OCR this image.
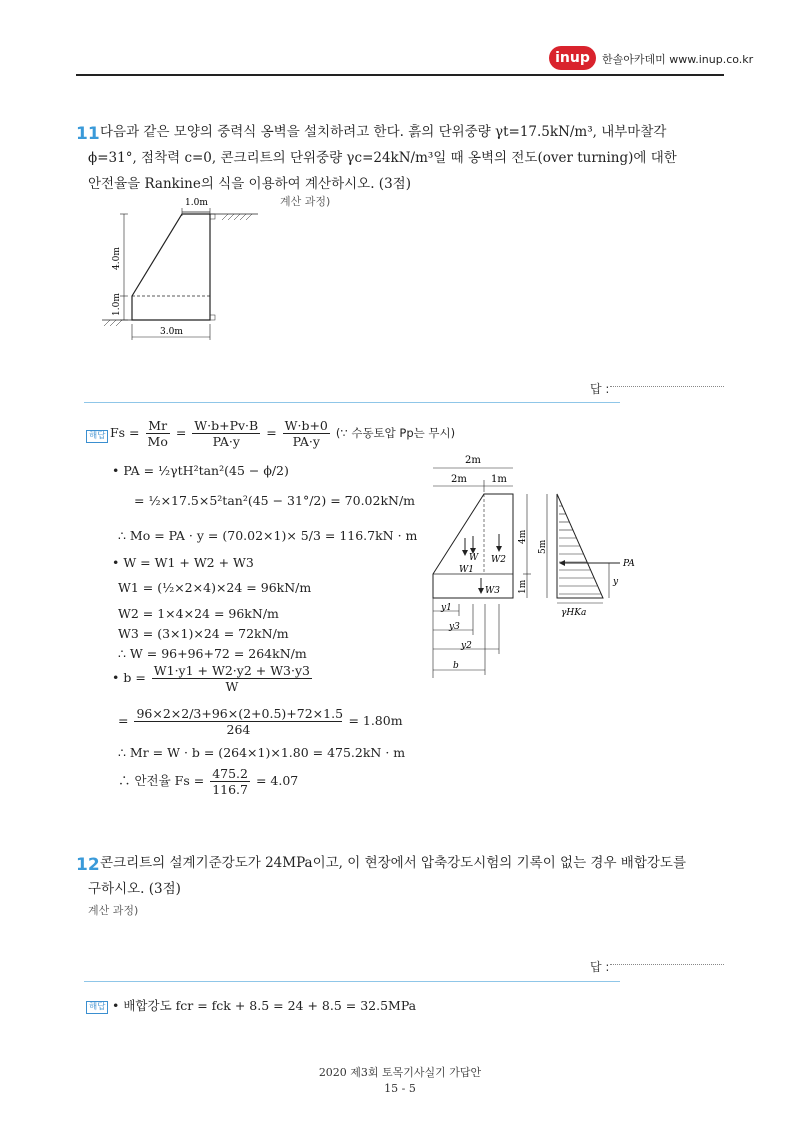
inup	한솔아카데미 www.inup.co.kr
11 다음과 같은 모양의 중력식 옹벽을 설치하려고 한다. 흙의 단위중량 γt=17.5kN/m³, 내부마찰각
ϕ=31°, 점착력 c=0, 콘크리트의 단위중량 γc=24kN/m³일 때 옹벽의 전도(over turning)에 대한
안전율을 Rankine의 식을 이용하여 계산하시오. (3점)
계산 과정)
1.0m
4.0m
1.0m
3.0m
답 :
해답 $Fs = \frac{Mr}{Mo} = \frac{W\cdot b+Pv\cdot B}{PA\cdot y} = \frac{W\cdot b+0}{PA\cdot y}$ (∵ 수동토압 Pp는 무시)
• PA = ½γtH²tan²(45 − ϕ/2)
= ½×17.5×5²tan²(45 − 31°/2) = 70.02kN/m
∴ Mo = PA · y = (70.02×1)× 5/3 = 116.7kN · m
• W = W1 + W2 + W3
W1 = (½×2×4)×24 = 96kN/m
W2 = 1×4×24 = 96kN/m
W3 = (3×1)×24 = 72kN/m
∴ W = 96+96+72 = 264kN/m
• $b = \frac{W1\cdot y1 + W2\cdot y2 + W3\cdot y3}{W}$
= $\frac{96\times 2\times 2/3+96\times(2+0.5)+72\times 1.5}{264} = 1.80m$
∴ Mr = W · b = (264×1)×1.80 = 475.2kN · m
∴ 안전율 $Fs = \frac{475.2}{116.7} = 4.07$
2m
2m 1m
W
W1
W2
W3
4m
1m
5m
PA
y
γHKa
y1
y3
y2
b
12 콘크리트의 설계기준강도가 24MPa이고, 이 현장에서 압축강도시험의 기록이 없는 경우 배합강도를
구하시오. (3점)
계산 과정)
답 :
해답 • 배합강도 fcr = fck + 8.5 = 24 + 8.5 = 32.5MPa
2020 제3회 토목기사실기 가답안
15 - 5
